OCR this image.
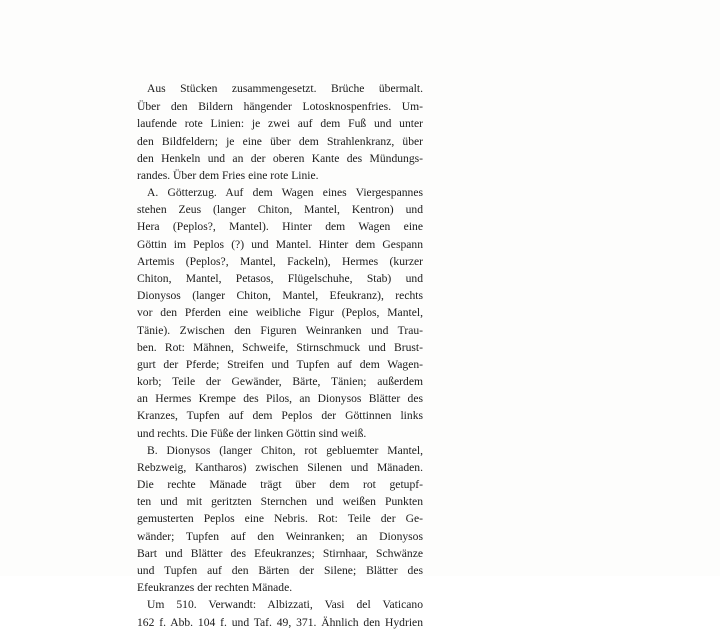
Aus Stücken zusammengesetzt. Brüche übermalt.
Über den Bildern hängender Lotosknospenfries. Um-
laufende rote Linien: je zwei auf dem Fuß und unter
den Bildfeldern; je eine über dem Strahlenkranz, über
den Henkeln und an der oberen Kante des Mündungs-
randes. Über dem Fries eine rote Linie.
A. Götterzug. Auf dem Wagen eines Viergespannes
stehen Zeus (langer Chiton, Mantel, Kentron) und
Hera (Peplos?, Mantel). Hinter dem Wagen eine
Göttin im Peplos (?) und Mantel. Hinter dem Gespann
Artemis (Peplos?, Mantel, Fackeln), Hermes (kurzer
Chiton, Mantel, Petasos, Flügelschuhe, Stab) und
Dionysos (langer Chiton, Mantel, Efeukranz), rechts
vor den Pferden eine weibliche Figur (Peplos, Mantel,
Tänie). Zwischen den Figuren Weinranken und Trau-
ben. Rot: Mähnen, Schweife, Stirnschmuck und Brust-
gurt der Pferde; Streifen und Tupfen auf dem Wagen-
korb; Teile der Gewänder, Bärte, Tänien; außerdem
an Hermes Krempe des Pilos, an Dionysos Blätter des
Kranzes, Tupfen auf dem Peplos der Göttinnen links
und rechts. Die Füße der linken Göttin sind weiß.
B. Dionysos (langer Chiton, rot gebluemter Mantel,
Rebzweig, Kantharos) zwischen Silenen und Mänaden.
Die rechte Mänade trägt über dem rot getupf-
ten und mit geritzten Sternchen und weißen Punkten
gemusterten Peplos eine Nebris. Rot: Teile der Ge-
wänder; Tupfen auf den Weinranken; an Dionysos
Bart und Blätter des Efeukranzes; Stirnhaar, Schwänze
und Tupfen auf den Bärten der Silene; Blätter des
Efeukranzes der rechten Mänade.
Um 510. Verwandt: Albizzati, Vasi del Vaticano
162 f. Abb. 104 f. und Taf. 49, 371. Ähnlich den Hydrien
